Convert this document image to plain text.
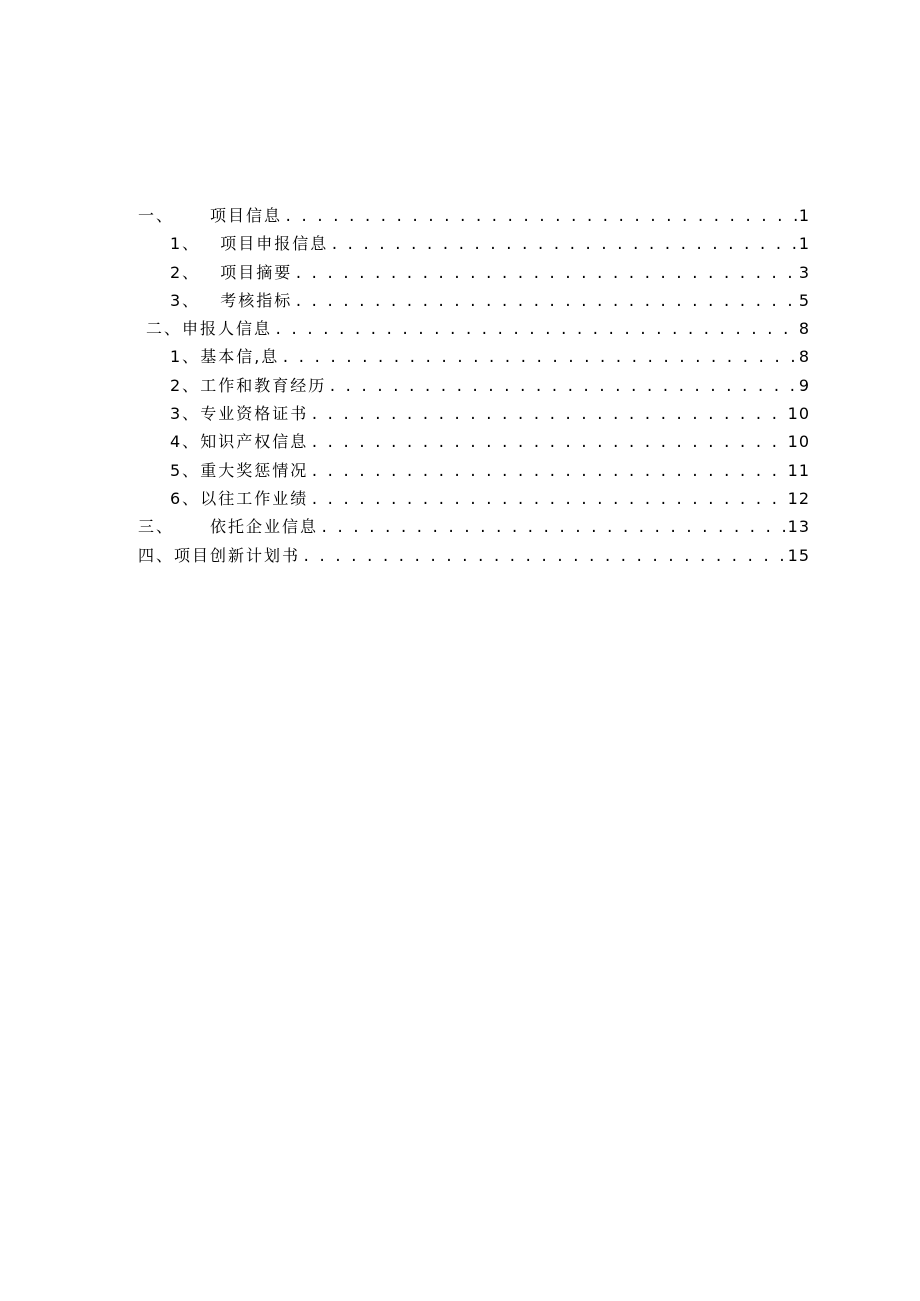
一、 项目信息 . . .	1
1、 项目申报信息 . . .	1
2、 项目摘要 . . .	3
3、 考核指标 . . .	5
二、 申报人信息 . . .	8
1、 基本信,息 . . .	8
2、 工作和教育经历 . . .	9
3、 专业资格证书 . . .	10
4、 知识产权信息 . . .	10
5、 重大奖惩情况 . . .	11
6、 以往工作业绩 . . .	12
三、 依托企业信息 . . .	13
四、 项目创新计划书 . . .	15
